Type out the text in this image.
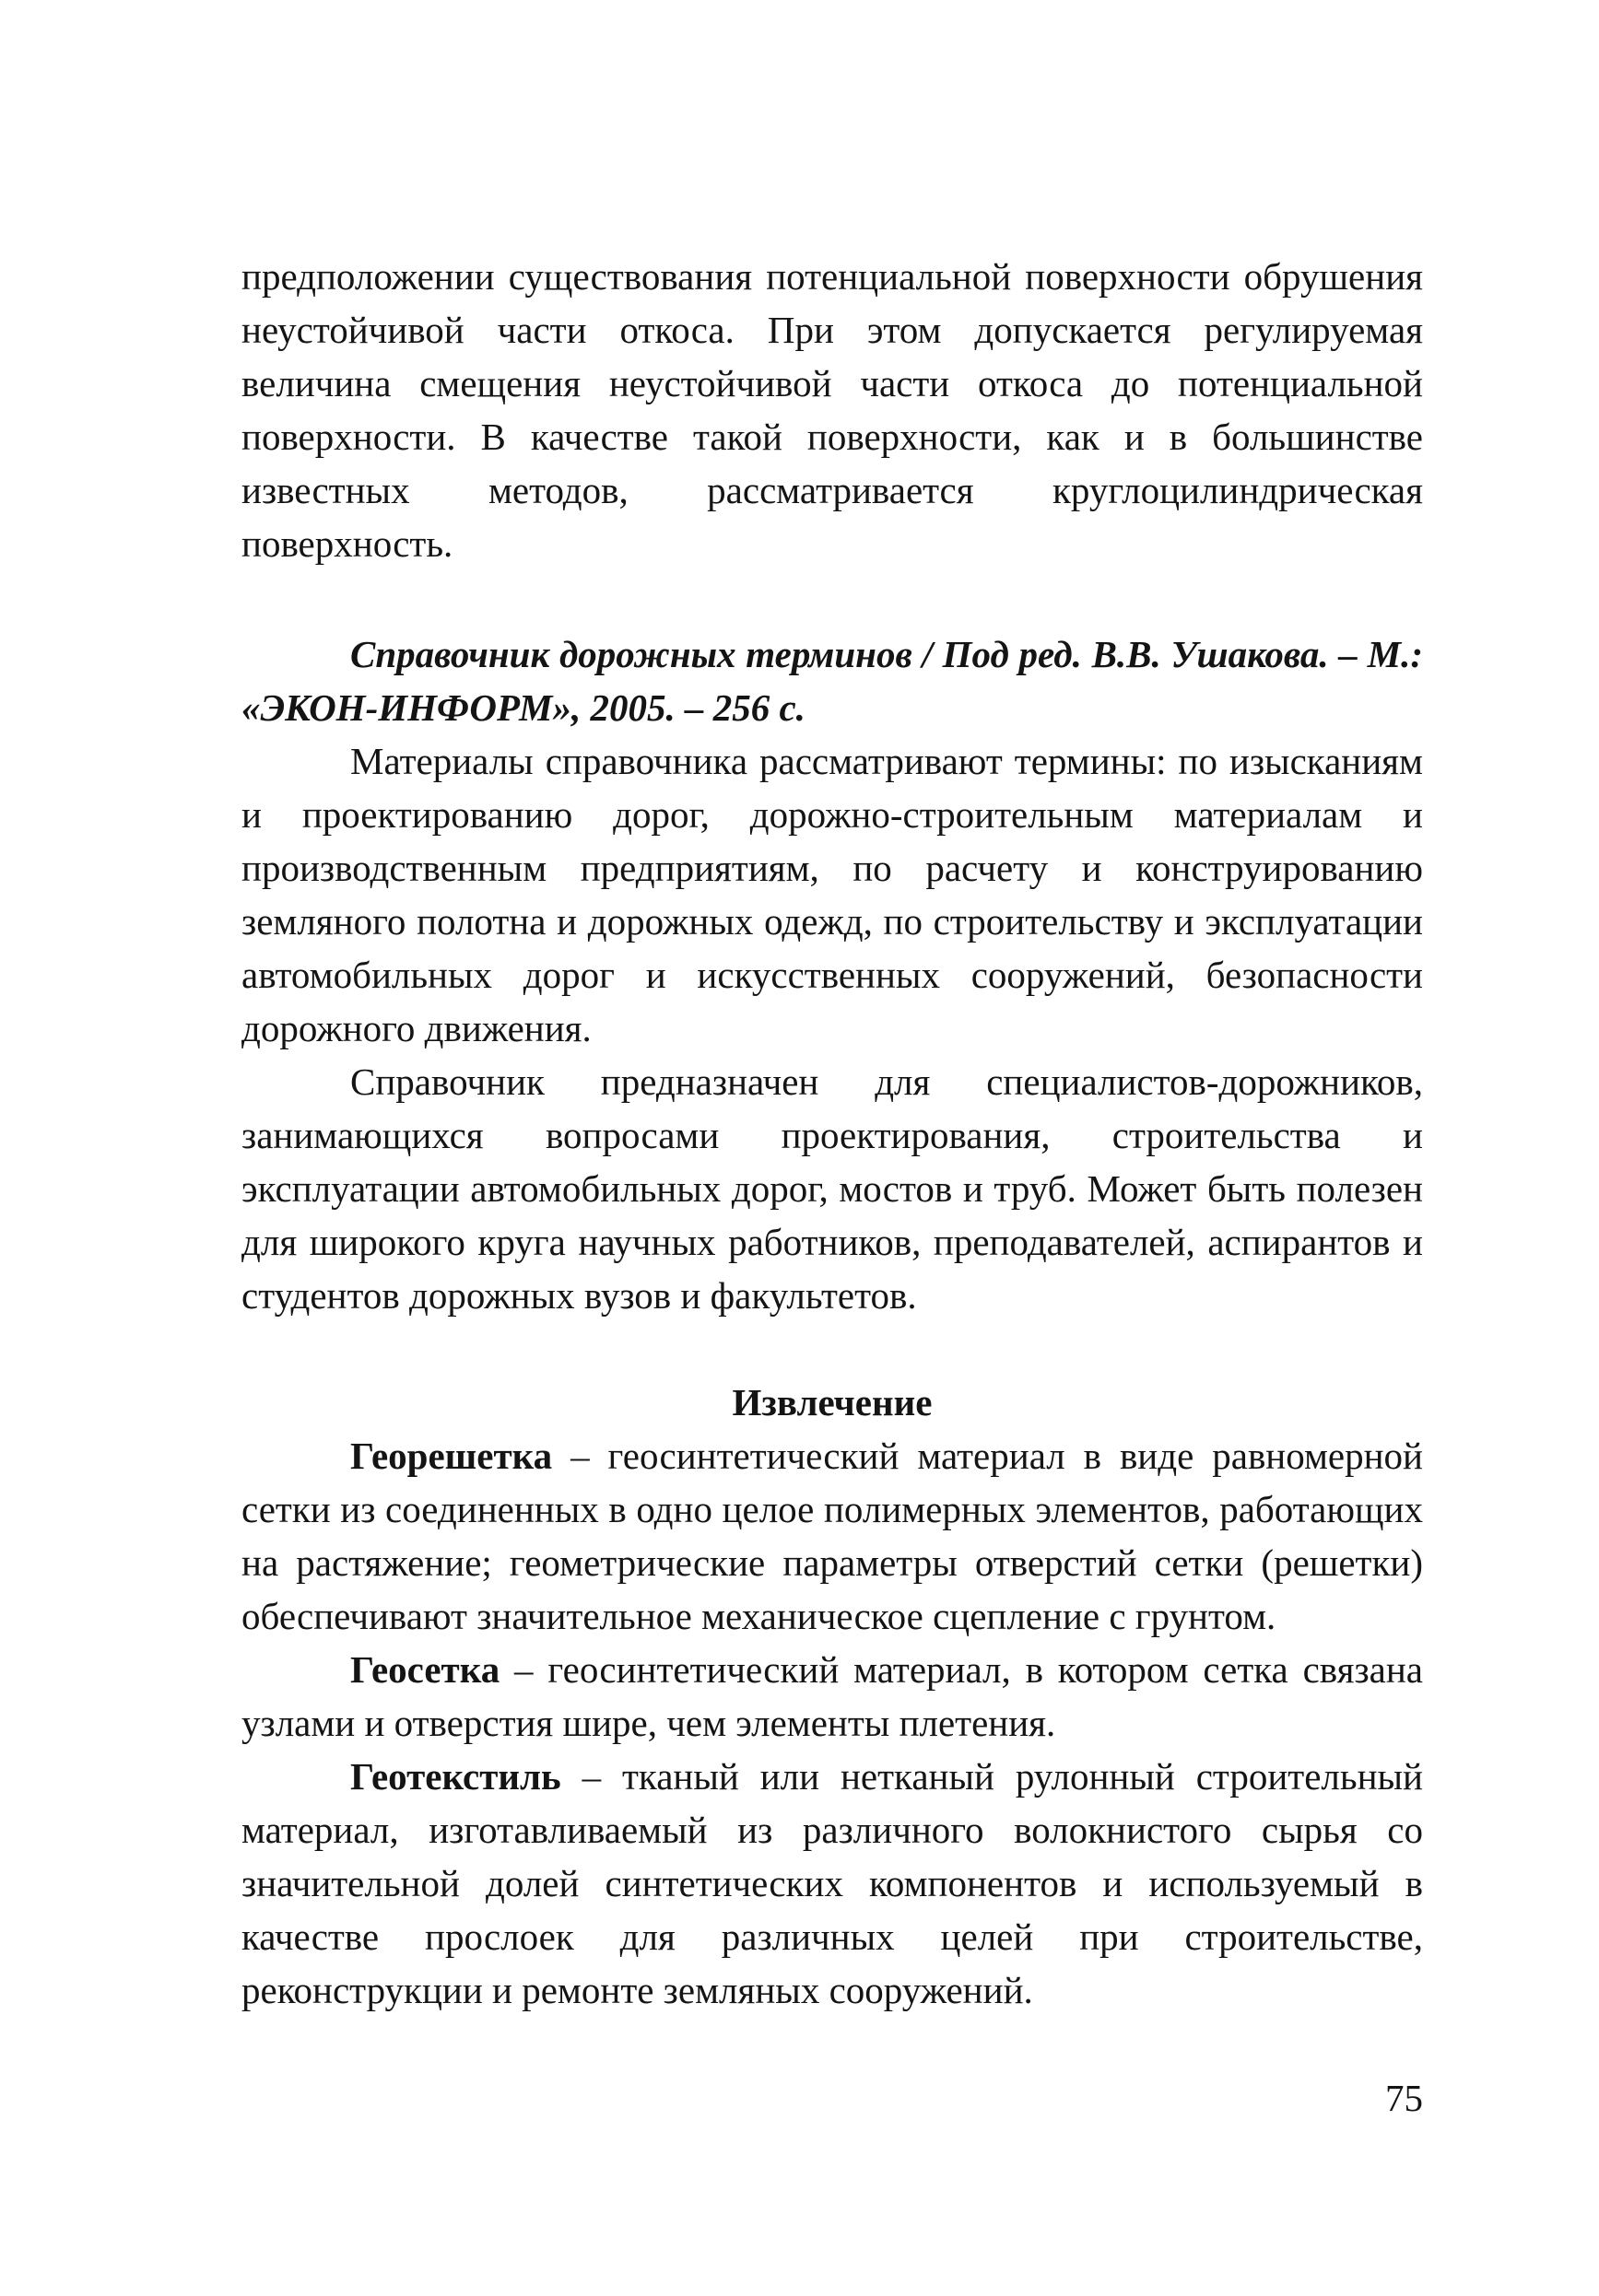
предположении существования потенциальной поверхности обрушения неустойчивой части откоса. При этом допускается регулируемая величина смещения неустойчивой части откоса до потенциальной поверхности. В качестве такой поверхности, как и в большинстве известных методов, рассматривается круглоцилиндрическая поверхность.

Справочник дорожных терминов / Под ред. В.В. Ушакова. – М.: «ЭКОН-ИНФОРМ», 2005. – 256 с.

Материалы справочника рассматривают термины: по изысканиям и проектированию дорог, дорожно-строительным материалам и производственным предприятиям, по расчету и конструированию земляного полотна и дорожных одежд, по строительству и эксплуатации автомобильных дорог и искусственных сооружений, безопасности дорожного движения.

Справочник предназначен для специалистов-дорожников, занимающихся вопросами проектирования, строительства и эксплуатации автомобильных дорог, мостов и труб. Может быть полезен для широкого круга научных работников, преподавателей, аспирантов и студентов дорожных вузов и факультетов.

Извлечение

Георешетка – геосинтетический материал в виде равномерной сетки из соединенных в одно целое полимерных элементов, работающих на растяжение; геометрические параметры отверстий сетки (решетки) обеспечивают значительное механическое сцепление с грунтом.

Геосетка – геосинтетический материал, в котором сетка связана узлами и отверстия шире, чем элементы плетения.

Геотекстиль – тканый или нетканый рулонный строительный материал, изготавливаемый из различного волокнистого сырья со значительной долей синтетических компонентов и используемый в качестве прослоек для различных целей при строительстве, реконструкции и ремонте земляных сооружений.

75
